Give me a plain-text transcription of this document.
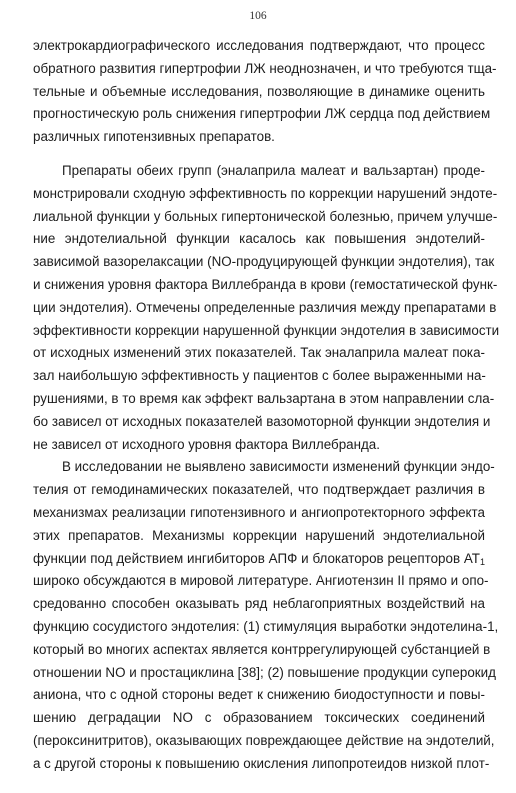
106
электрокардиографического исследования подтверждают, что процесс
обратного развития гипертрофии ЛЖ неоднозначен, и что требуются тща-
тельные и объемные исследования, позволяющие в динамике оценить
прогностическую роль снижения гипертрофии ЛЖ сердца под действием
различных гипотензивных препаратов.
Препараты обеих групп (эналаприла малеат и вальзартан) продe-
монстрировали сходную эффективность по коррекции нарушений эндоте-
лиальной функции у больных гипертонической болезнью, причем улучше-
ние эндотелиальной функции касалось как повышения эндотелий-
зависимой вазорелаксации (NO-продуцирующей функции эндотелия), так
и снижения уровня фактора Виллебранда в крови (гемостатической функ-
ции эндотелия). Отмечены определенные различия между препаратами в
эффективности коррекции нарушенной функции эндотелия в зависимости
от исходных изменений этих показателей. Так эналаприла малеат пока-
зал наибольшую эффективность у пациентов с более выраженными на-
рушениями, в то время как эффект вальзартана в этом направлении сла-
бо зависел от исходных показателей вазомоторной функции эндотелия и
не зависел от исходного уровня фактора Виллебранда.
В исследовании не выявлено зависимости изменений функции эндо-
телия от гемодинамических показателей, что подтверждает различия в
механизмах реализации гипотензивного и ангиопротекторного эффекта
этих препаратов. Механизмы коррекции нарушений эндотелиальной
функции под действием ингибиторов АПФ и блокаторов рецепторов $АТ_1$
широко обсуждаются в мировой литературе. Ангиотензин II прямо и опо-
средованно способен оказывать ряд неблагоприятных воздействий на
функцию сосудистого эндотелия: (1) стимуляция выработки эндотелина-1,
который во многих аспектах является контррегулирующей субстанцией в
отношении NO и простациклина [38]; (2) повышение продукции суперокид
аниона, что с одной стороны ведет к снижению биодоступности и повы-
шению деградации NO с образованием токсических соединений
(пероксинитритов), оказывающих повреждающее действие на эндотелий,
а с другой стороны к повышению окисления липопротеидов низкой плот-
